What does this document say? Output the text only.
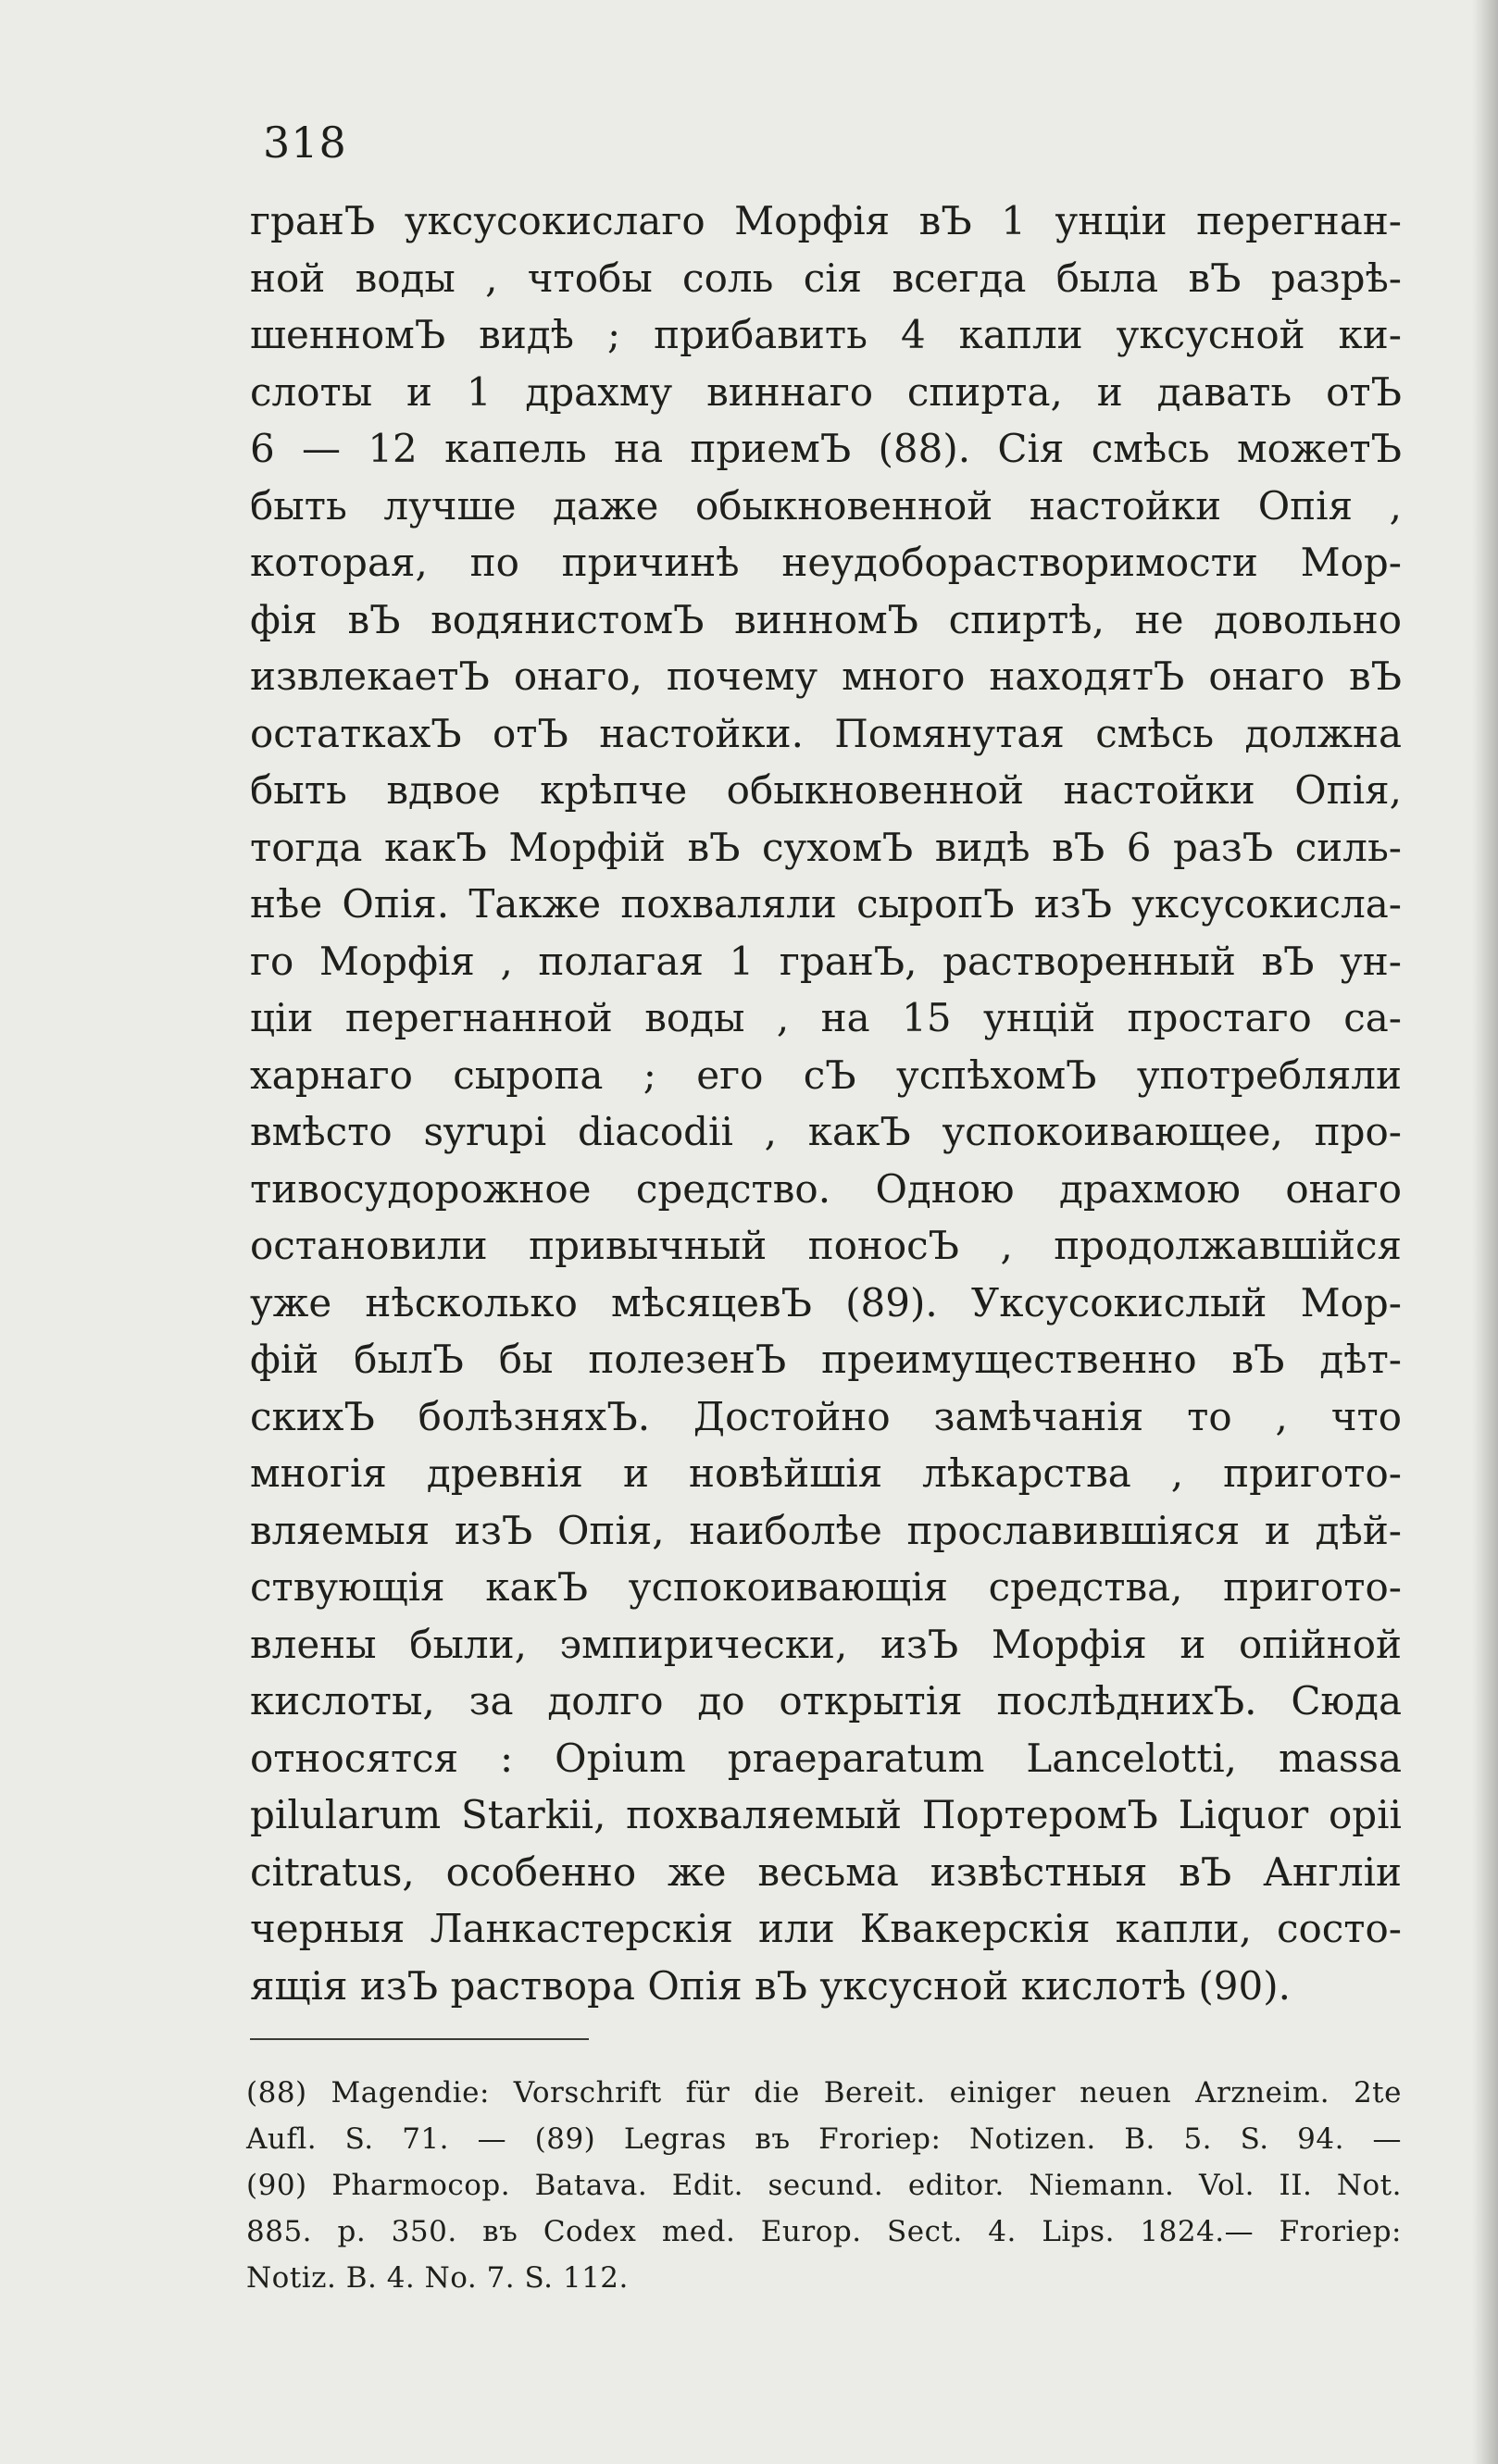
318
гранЪ уксусокислаго Морфія вЪ 1 унціи перегнан-
ной воды , чтобы соль сія всегда была вЪ разрѣ-
шенномЪ видѣ ; прибавить 4 капли уксусной ки-
слоты и 1 драхму виннаго спирта, и давать отЪ
6 — 12 капель на приемЪ (88). Сія смѣсь можетЪ
быть лучше даже обыкновенной настойки Опія ,
которая, по причинѣ неудоборастворимости Мор-
фія вЪ водянистомЪ винномЪ спиртѣ, не довольно
извлекаетЪ онаго, почему много находятЪ онаго вЪ
остаткахЪ отЪ настойки. Помянутая смѣсь должна
быть вдвое крѣпче обыкновенной настойки Опія,
тогда какЪ Морфій вЪ сухомЪ видѣ вЪ 6 разЪ силь-
нѣе Опія. Также похваляли сыропЪ изЪ уксусокисла-
го Морфія , полагая 1 гранЪ, растворенный вЪ ун-
ціи перегнанной воды , на 15 унцій простаго са-
харнаго сыропа ; его сЪ успѣхомЪ употребляли
вмѣсто syrupi diacodii , какЪ успокоивающее, про-
тивосудорожное средство. Одною драхмою онаго
остановили привычный поносЪ , продолжавшійся
уже нѣсколько мѣсяцевЪ (89). Уксусокислый Мор-
фій былЪ бы полезенЪ преимущественно вЪ дѣт-
скихЪ болѣзняхЪ. Достойно замѣчанія то , что
многія древнія и новѣйшія лѣкарства , пригото-
вляемыя изЪ Опія, наиболѣе прославившіяся и дѣй-
ствующія какЪ успокоивающія средства, пригото-
влены были, эмпирически, изЪ Морфія и опійной
кислоты, за долго до открытія послѣднихЪ. Сюда
относятся : Opium praeparatum Lancelotti, massa
pilularum Starkii, похваляемый ПортеромЪ Liquor opii
citratus, особенно же весьма извѣстныя вЪ Англіи
черныя Ланкастерскія или Квакерскія капли, состо-
ящія изЪ раствора Опія вЪ уксусной кислотѣ (90).
(88) Magendie: Vorschrift für die Bereit. einiger neuen Arzneim. 2te
Aufl. S. 71. — (89) Legras въ Froriep: Notizen. B. 5. S. 94. —
(90) Pharmocop. Batava. Edit. secund. editor. Niemann. Vol. II. Not.
885. p. 350. въ Codex med. Europ. Sect. 4. Lips. 1824.— Froriep:
Notiz. B. 4. No. 7. S. 112.
